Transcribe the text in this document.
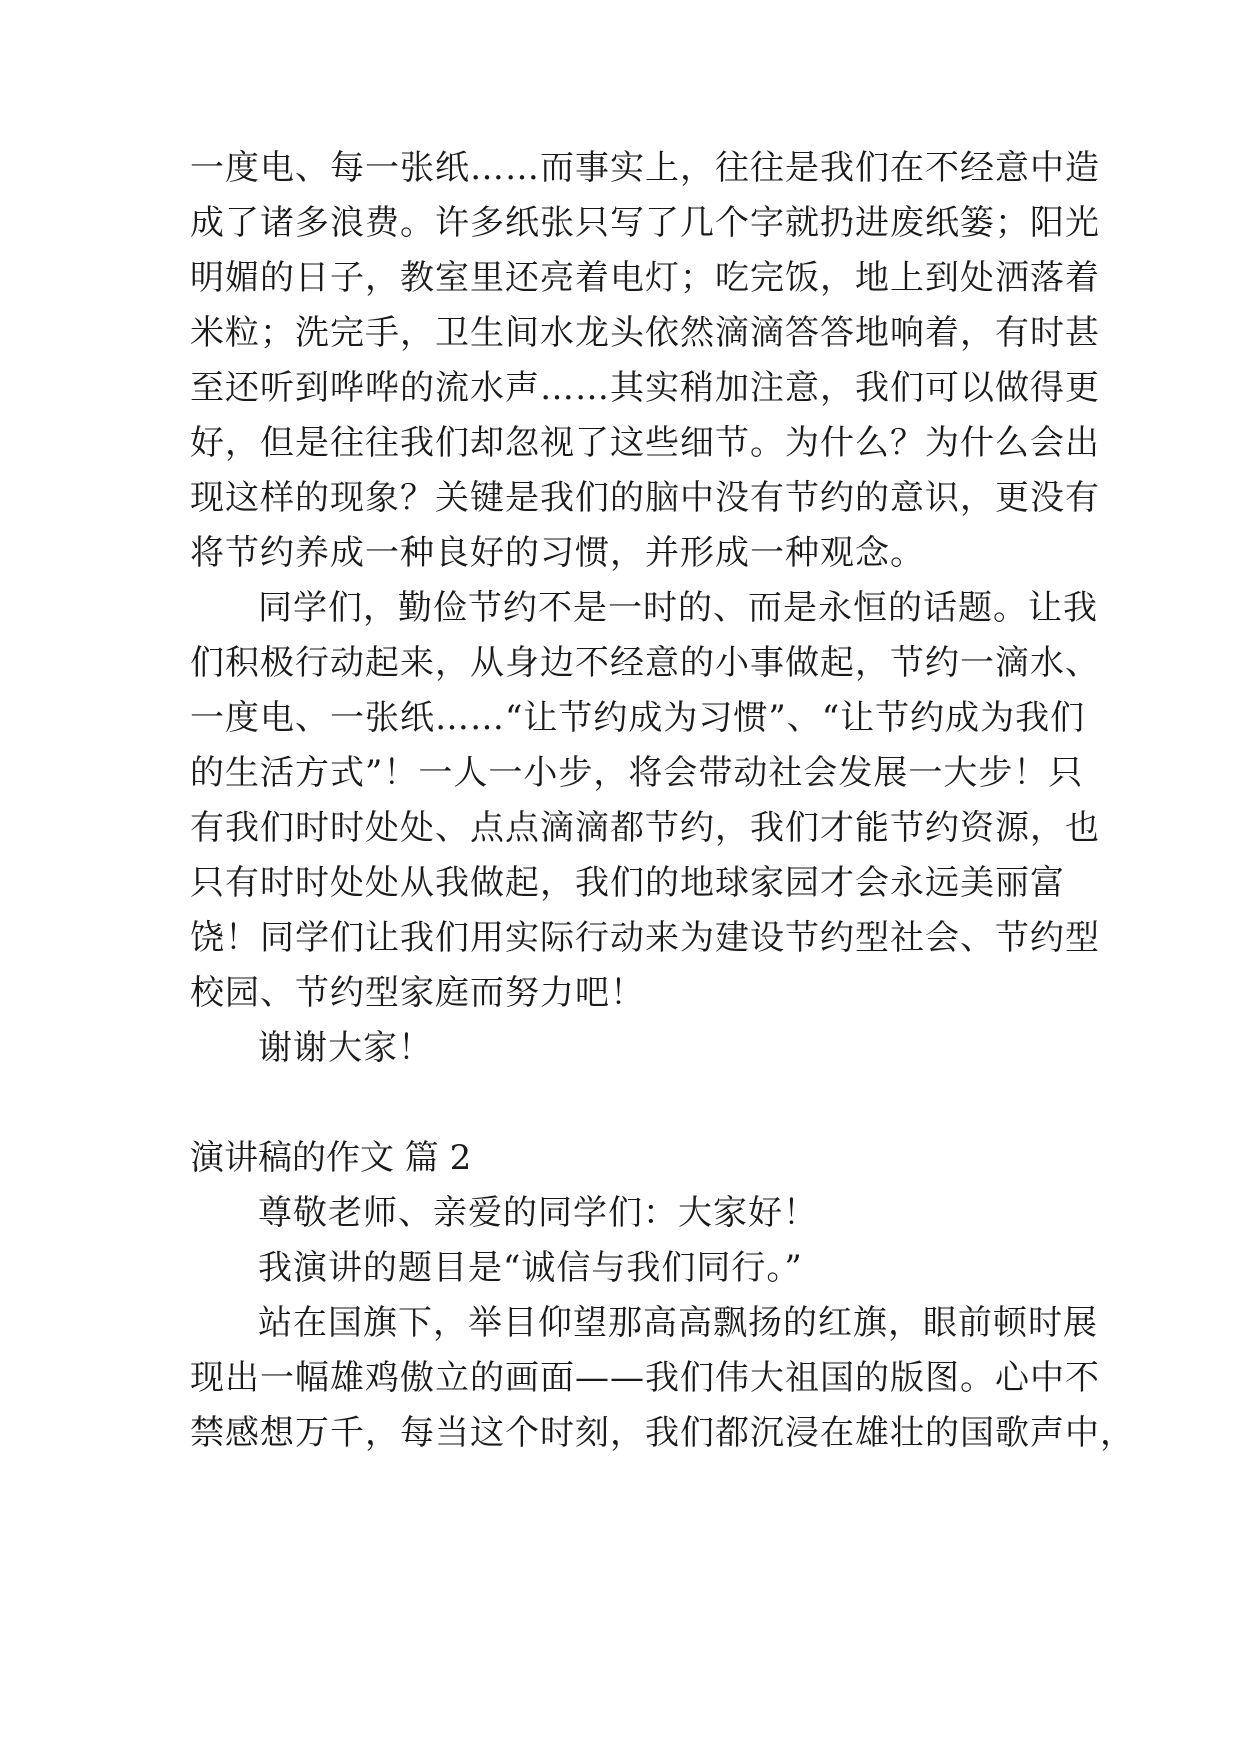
一度电、每一张纸……而事实上，往往是我们在不经意中造
成了诸多浪费。许多纸张只写了几个字就扔进废纸篓；阳光
明媚的日子，教室里还亮着电灯；吃完饭，地上到处洒落着
米粒；洗完手，卫生间水龙头依然滴滴答答地响着，有时甚
至还听到哗哗的流水声……其实稍加注意，我们可以做得更
好，但是往往我们却忽视了这些细节。为什么？为什么会出
现这样的现象？关键是我们的脑中没有节约的意识，更没有
将节约养成一种良好的习惯，并形成一种观念。
同学们，勤俭节约不是一时的、而是永恒的话题。让我
们积极行动起来，从身边不经意的小事做起，节约一滴水、
一度电、一张纸……“让节约成为习惯”、“让节约成为我们
的生活方式”！一人一小步，将会带动社会发展一大步！只
有我们时时处处、点点滴滴都节约，我们才能节约资源，也
只有时时处处从我做起，我们的地球家园才会永远美丽富
饶！同学们让我们用实际行动来为建设节约型社会、节约型
校园、节约型家庭而努力吧！
谢谢大家！
演讲稿的作文 篇 2
尊敬老师、亲爱的同学们：大家好！
我演讲的题目是“诚信与我们同行。”
站在国旗下，举目仰望那高高飘扬的红旗，眼前顿时展
现出一幅雄鸡傲立的画面——我们伟大祖国的版图。心中不
禁感想万千，每当这个时刻，我们都沉浸在雄壮的国歌声中，
